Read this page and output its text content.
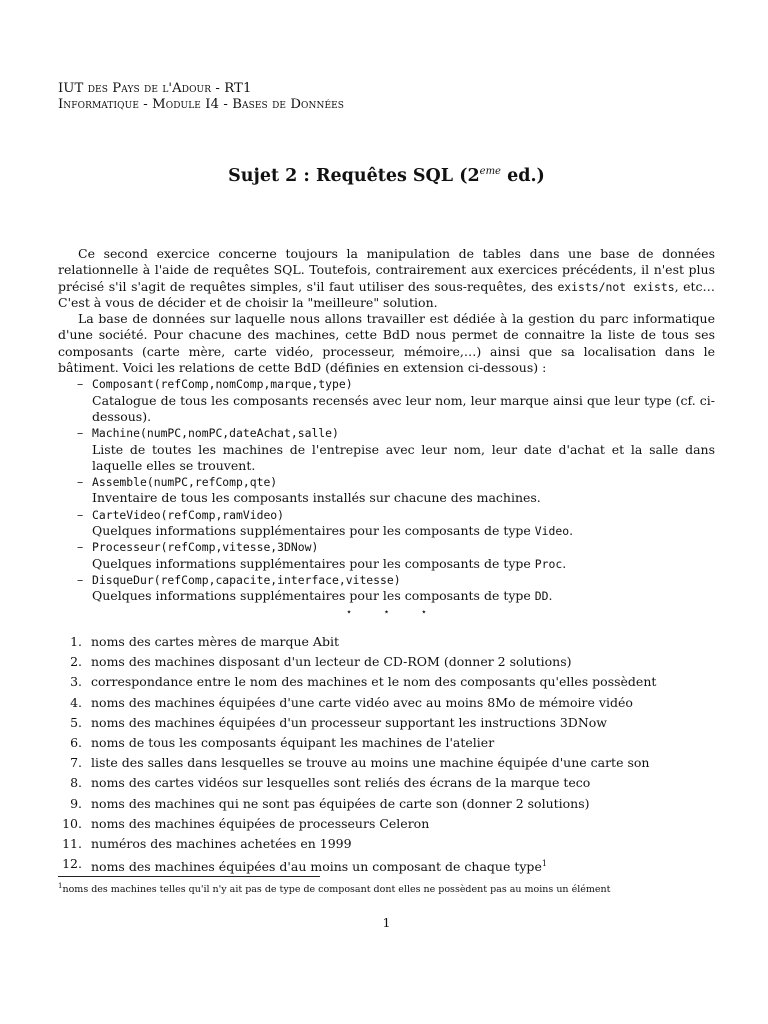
IUT des Pays de l'Adour - RT1
Informatique - Module I4 - Bases de Données
Sujet 2 : Requêtes SQL (2eme ed.)

Ce second exercice concerne toujours la manipulation de tables dans une base de données relationnelle à l'aide de requêtes SQL. Toutefois, contrairement aux exercices précédents, il n'est plus précisé s'il s'agit de requêtes simples, s'il faut utiliser des sous-requêtes, des exists/not exists, etc…C'est à vous de décider et de choisir la "meilleure" solution.

La base de données sur laquelle nous allons travailler est dédiée à la gestion du parc informatique d'une société. Pour chacune des machines, cette BdD nous permet de connaitre la liste de tous ses composants (carte mère, carte vidéo, processeur, mémoire,…) ainsi que sa localisation dans le bâtiment. Voici les relations de cette BdD (définies en extension ci-dessous) :

– Composant(refComp,nomComp,marque,type)
Catalogue de tous les composants recensés avec leur nom, leur marque ainsi que leur type (cf. ci-dessous).
– Machine(numPC,nomPC,dateAchat,salle)
Liste de toutes les machines de l'entrepise avec leur nom, leur date d'achat et la salle dans laquelle elles se trouvent.
– Assemble(numPC,refComp,qte)
Inventaire de tous les composants installés sur chacune des machines.
– CarteVideo(refComp,ramVideo)
Quelques informations supplémentaires pour les composants de type Video.
– Processeur(refComp,vitesse,3DNow)
Quelques informations supplémentaires pour les composants de type Proc.
– DisqueDur(refComp,capacite,interface,vitesse)
Quelques informations supplémentaires pour les composants de type DD.
⋆ ⋆ ⋆
1. noms des cartes mères de marque Abit
2. noms des machines disposant d'un lecteur de CD-ROM (donner 2 solutions)
3. correspondance entre le nom des machines et le nom des composants qu'elles possèdent
4. noms des machines équipées d'une carte vidéo avec au moins 8Mo de mémoire vidéo
5. noms des machines équipées d'un processeur supportant les instructions 3DNow
6. noms de tous les composants équipant les machines de l'atelier
7. liste des salles dans lesquelles se trouve au moins une machine équipée d'une carte son
8. noms des cartes vidéos sur lesquelles sont reliés des écrans de la marque teco
9. noms des machines qui ne sont pas équipées de carte son (donner 2 solutions)
10. noms des machines équipées de processeurs Celeron
11. numéros des machines achetées en 1999
12. noms des machines équipées d'au moins un composant de chaque type$^1$
$^1$noms des machines telles qu'il n'y ait pas de type de composant dont elles ne possèdent pas au moins un élément
1
